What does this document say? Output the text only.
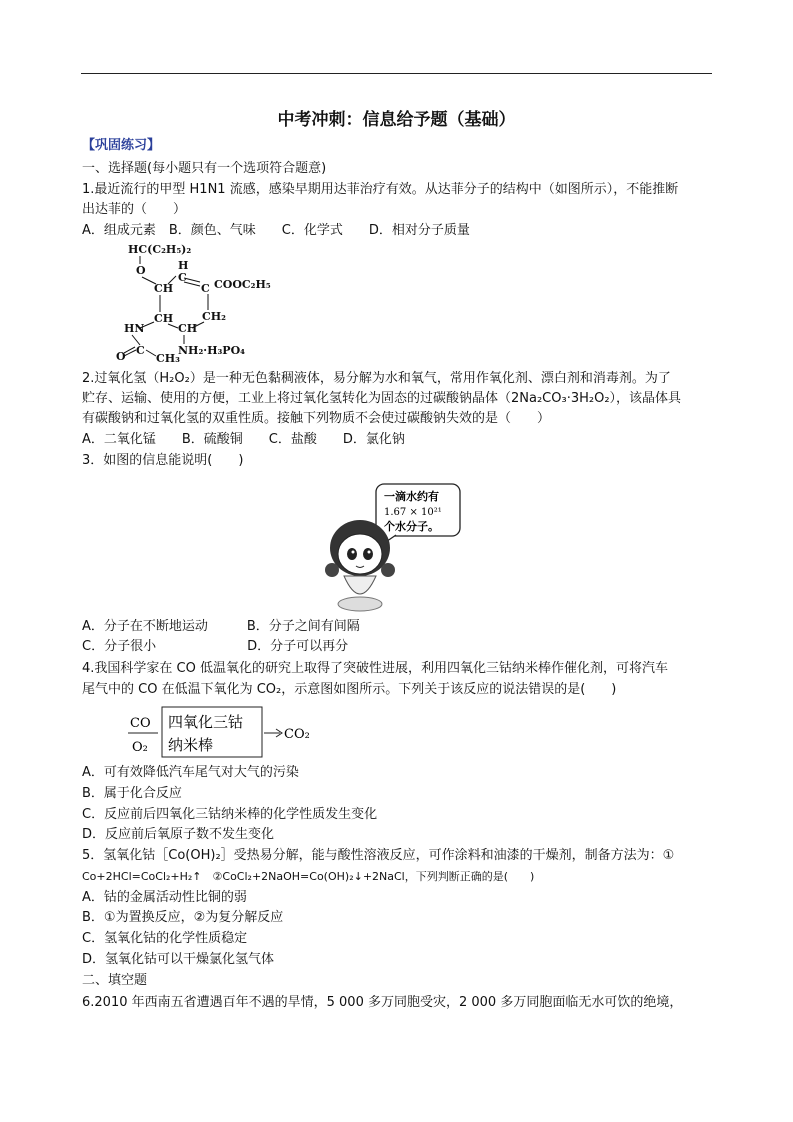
中考冲刺：信息给予题（基础）
【巩固练习】
一、选择题(每小题只有一个选项符合题意)
1.最近流行的甲型 H1N1 流感，感染早期用达菲治疗有效。从达菲分子的结构中（如图所示），不能推断
出达菲的（　　）
A．组成元素　B．颜色、气味　　C．化学式　　D．相对分子质量
HC(C₂H₅)₂
O	H
C
CH	C COOC₂H₅
CH
CH
CH₂
HN
NH₂·H₃PO₄
O C
CH₃
2.过氧化氢（H₂O₂）是一种无色黏稠液体，易分解为水和氧气，常用作氧化剂、漂白剂和消毒剂。为了
贮存、运输、使用的方便，工业上将过氧化氢转化为固态的过碳酸钠晶体（2Na₂CO₃·3H₂O₂），该晶体具
有碳酸钠和过氧化氢的双重性质。接触下列物质不会使过碳酸钠失效的是（　　）
A．二氧化锰　　B．硫酸铜　　C．盐酸　　D．氯化钠
3．如图的信息能说明(　　)
一滴水约有
1.67 × 10²¹
个水分子。
A．分子在不断地运动　　　B．分子之间有间隔
C．分子很小　　　　　　　D．分子可以再分
4.我国科学家在 CO 低温氧化的研究上取得了突破性进展，利用四氧化三钴纳米棒作催化剂，可将汽车
尾气中的 CO 在低温下氧化为 CO₂，示意图如图所示。下列关于该反应的说法错误的是(　　)
CO
O₂
四氧化三钴
纳米棒
CO₂
A．可有效降低汽车尾气对大气的污染
B．属于化合反应
C．反应前后四氧化三钴纳米棒的化学性质发生变化
D．反应前后氧原子数不发生变化
5．氢氧化钴［Co(OH)₂］受热易分解，能与酸性溶液反应，可作涂料和油漆的干燥剂，制备方法为：①
Co+2HCl=CoCl₂+H₂↑　②CoCl₂+2NaOH=Co(OH)₂↓+2NaCl，下列判断正确的是(　　)
A．钴的金属活动性比铜的弱
B．①为置换反应，②为复分解反应
C．氢氧化钴的化学性质稳定
D．氢氧化钴可以干燥氯化氢气体
二、填空题
6.2010 年西南五省遭遇百年不遇的旱情，5 000 多万同胞受灾，2 000 多万同胞面临无水可饮的绝境，
